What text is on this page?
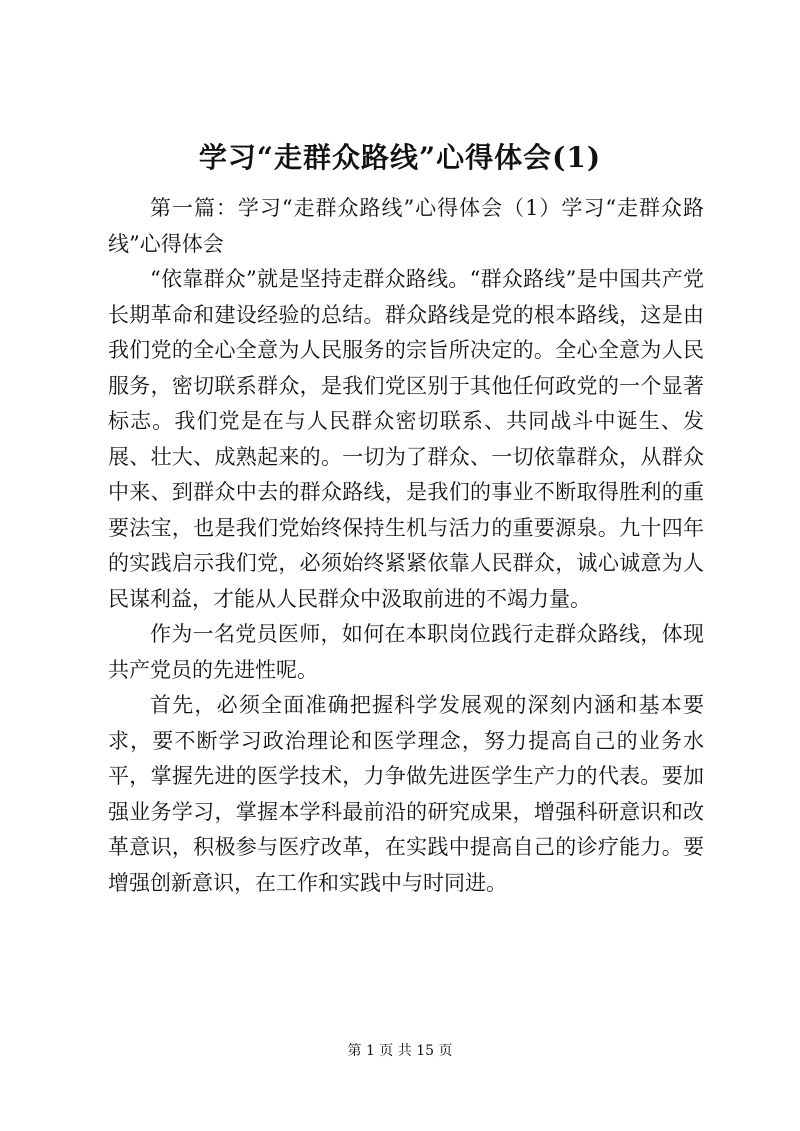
学习“走群众路线”心得体会(1)

第一篇：学习“走群众路线”心得体会（1）学习“走群众路线”心得体会

“依靠群众”就是坚持走群众路线。“群众路线”是中国共产党长期革命和建设经验的总结。群众路线是党的根本路线，这是由我们党的全心全意为人民服务的宗旨所决定的。全心全意为人民服务，密切联系群众，是我们党区别于其他任何政党的一个显著标志。我们党是在与人民群众密切联系、共同战斗中诞生、发展、壮大、成熟起来的。一切为了群众、一切依靠群众，从群众中来、到群众中去的群众路线，是我们的事业不断取得胜利的重要法宝，也是我们党始终保持生机与活力的重要源泉。九十四年的实践启示我们党，必须始终紧紧依靠人民群众，诚心诚意为人民谋利益，才能从人民群众中汲取前进的不竭力量。

作为一名党员医师，如何在本职岗位践行走群众路线，体现共产党员的先进性呢。

首先，必须全面准确把握科学发展观的深刻内涵和基本要求，要不断学习政治理论和医学理念，努力提高自己的业务水平，掌握先进的医学技术，力争做先进医学生产力的代表。要加强业务学习，掌握本学科最前沿的研究成果，增强科研意识和改革意识，积极参与医疗改革，在实践中提高自己的诊疗能力。要增强创新意识，在工作和实践中与时同进。

第 1 页 共 15 页
